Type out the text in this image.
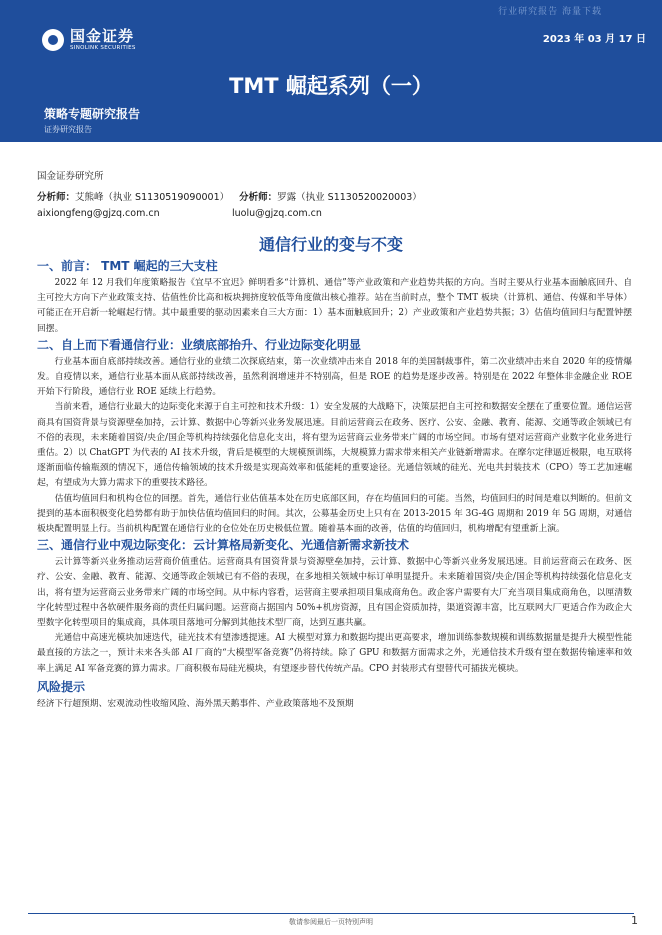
行业研究报告 海量下载
国金证券
SINOLINK SECURITIES
2023 年 03 月 17 日
TMT 崛起系列（一）
策略专题研究报告
证券研究报告
国金证券研究所
分析师：艾熊峰（执业 S1130519090001） 分析师：罗露（执业 S1130520020003）
aixiongfeng@gjzq.com.cn	luolu@gjzq.com.cn
通信行业的变与不变
一、前言： TMT 崛起的三大支柱

2022 年 12 月我们年度策略报告《宜早不宜迟》鲜明看多“计算机、通信”等产业政策和产业趋势共振的方向。当时主要从行业基本面触底回升、自主可控大方向下产业政策支持、估值性价比高和板块拥挤度较低等角度做出核心推荐。站在当前时点，整个 TMT 板块（计算机、通信、传媒和半导体）可能正在开启新一轮崛起行情。其中最重要的驱动因素来自三大方面：1）基本面触底回升；2）产业政策和产业趋势共振；3）估值均值回归与配置钟摆回摆。

二、自上而下看通信行业：业绩底部抬升、行业边际变化明显

行业基本面自底部持续改善。通信行业的业绩二次探底结束，第一次业绩冲击来自 2018 年的美国制裁事件，第二次业绩冲击来自 2020 年的疫情爆发。自疫情以来，通信行业基本面从底部持续改善，虽然利润增速并不特别高，但是 ROE 的趋势是逐步改善。特别是在 2022 年整体非金融企业 ROE 开始下行阶段，通信行业 ROE 延续上行趋势。

当前来看，通信行业最大的边际变化来源于自主可控和技术升级：1）安全发展的大战略下，决策层把自主可控和数据安全摆在了重要位置。通信运营商具有国资背景与资源壁垒加持，云计算、数据中心等新兴业务发展迅速。目前运营商云在政务、医疗、公安、金融、教育、能源、交通等政企领域已有不俗的表现，未来随着国资/央企/国企等机构持续强化信息化支出，将有望为运营商云业务带来广阔的市场空间。市场有望对运营商产业数字化业务进行重估。2）以 ChatGPT 为代表的 AI 技术升级，背后是模型的大规模预训练，大规模算力需求带来相关产业链新增需求。在摩尔定律逼近极限，电互联将逐渐面临传输瓶颈的情况下，通信传输领域的技术升级是实现高效率和低能耗的重要途径。光通信领域的硅光、光电共封装技术（CPO）等工艺加速崛起，有望成为大算力需求下的重要技术路径。

估值均值回归和机构仓位的回摆。首先，通信行业估值基本处在历史底部区间，存在均值回归的可能。当然，均值回归的时间是难以判断的。但前文提到的基本面积极变化趋势都有助于加快估值均值回归的时间。其次，公募基金历史上只有在 2013-2015 年 3G-4G 周期和 2019 年 5G 周期，对通信板块配置明显上行。当前机构配置在通信行业的仓位处在历史极低位置。随着基本面的改善，估值的均值回归，机构增配有望重新上演。

三、通信行业中观边际变化：云计算格局新变化、光通信新需求新技术

云计算等新兴业务推动运营商价值重估。运营商具有国资背景与资源壁垒加持，云计算、数据中心等新兴业务发展迅速。目前运营商云在政务、医疗、公安、金融、教育、能源、交通等政企领域已有不俗的表现，在多地相关领域中标订单明显提升。未来随着国资/央企/国企等机构持续强化信息化支出，将有望为运营商云业务带来广阔的市场空间。从中标内容看，运营商主要承担项目集成商角色。政企客户需要有大厂充当项目集成商角色，以厘清数字化转型过程中各软硬件服务商的责任归属问题。运营商占据国内 50%+机房资源，且有国企资质加持，渠道资源丰富，比互联网大厂更适合作为政企大型数字化转型项目的集成商，具体项目落地可分解到其他技术型厂商，达到互惠共赢。

光通信中高速光模块加速迭代，硅光技术有望渗透提速。AI 大模型对算力和数据均提出更高要求，增加训练参数规模和训练数据量是提升大模型性能最直接的方法之一，预计未来各头部 AI 厂商的“大模型军备竞赛”仍将持续。除了 GPU 和数据方面需求之外，光通信技术升级有望在数据传输速率和效率上满足 AI 军备竞赛的算力需求。厂商积极布局硅光模块，有望逐步替代传统产品。CPO 封装形式有望替代可插拔光模块。

风险提示

经济下行超预期、宏观流动性收缩风险、海外黑天鹅事件、产业政策落地不及预期

敬请参阅最后一页特别声明	1
